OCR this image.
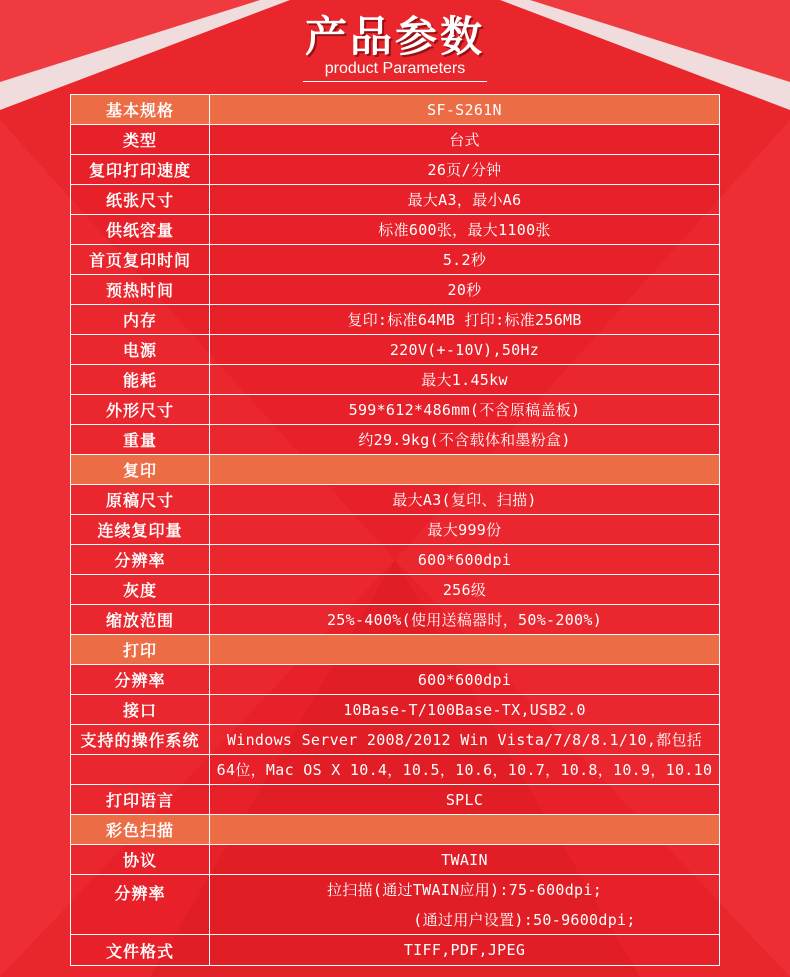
产品参数
product Parameters
基本规格	SF-S261N
类型	台式
复印打印速度	26页/分钟
纸张尺寸	最大A3，最小A6
供纸容量	标准600张，最大1100张
首页复印时间	5.2秒
预热时间	20秒
内存	复印:标准64MB 打印:标准256MB
电源	220V(+-10V),50Hz
能耗	最大1.45kw
外形尺寸	599*612*486mm(不含原稿盖板)
重量	约29.9kg(不含载体和墨粉盒)
复印
原稿尺寸	最大A3(复印、扫描)
连续复印量	最大999份
分辨率	600*600dpi
灰度	256级
缩放范围	25%-400%(使用送稿器时，50%-200%)
打印
分辨率	600*600dpi
接口	10Base-T/100Base-TX,USB2.0
支持的操作系统	Windows Server 2008/2012 Win Vista/7/8/8.1/10,都包括
64位，Mac OS X 10.4，10.5，10.6，10.7，10.8，10.9，10.10
打印语言	SPLC
彩色扫描
协议	TWAIN
分辨率	拉扫描(通过TWAIN应用):75-600dpi;
(通过用户设置):50-9600dpi;
文件格式	TIFF,PDF,JPEG
